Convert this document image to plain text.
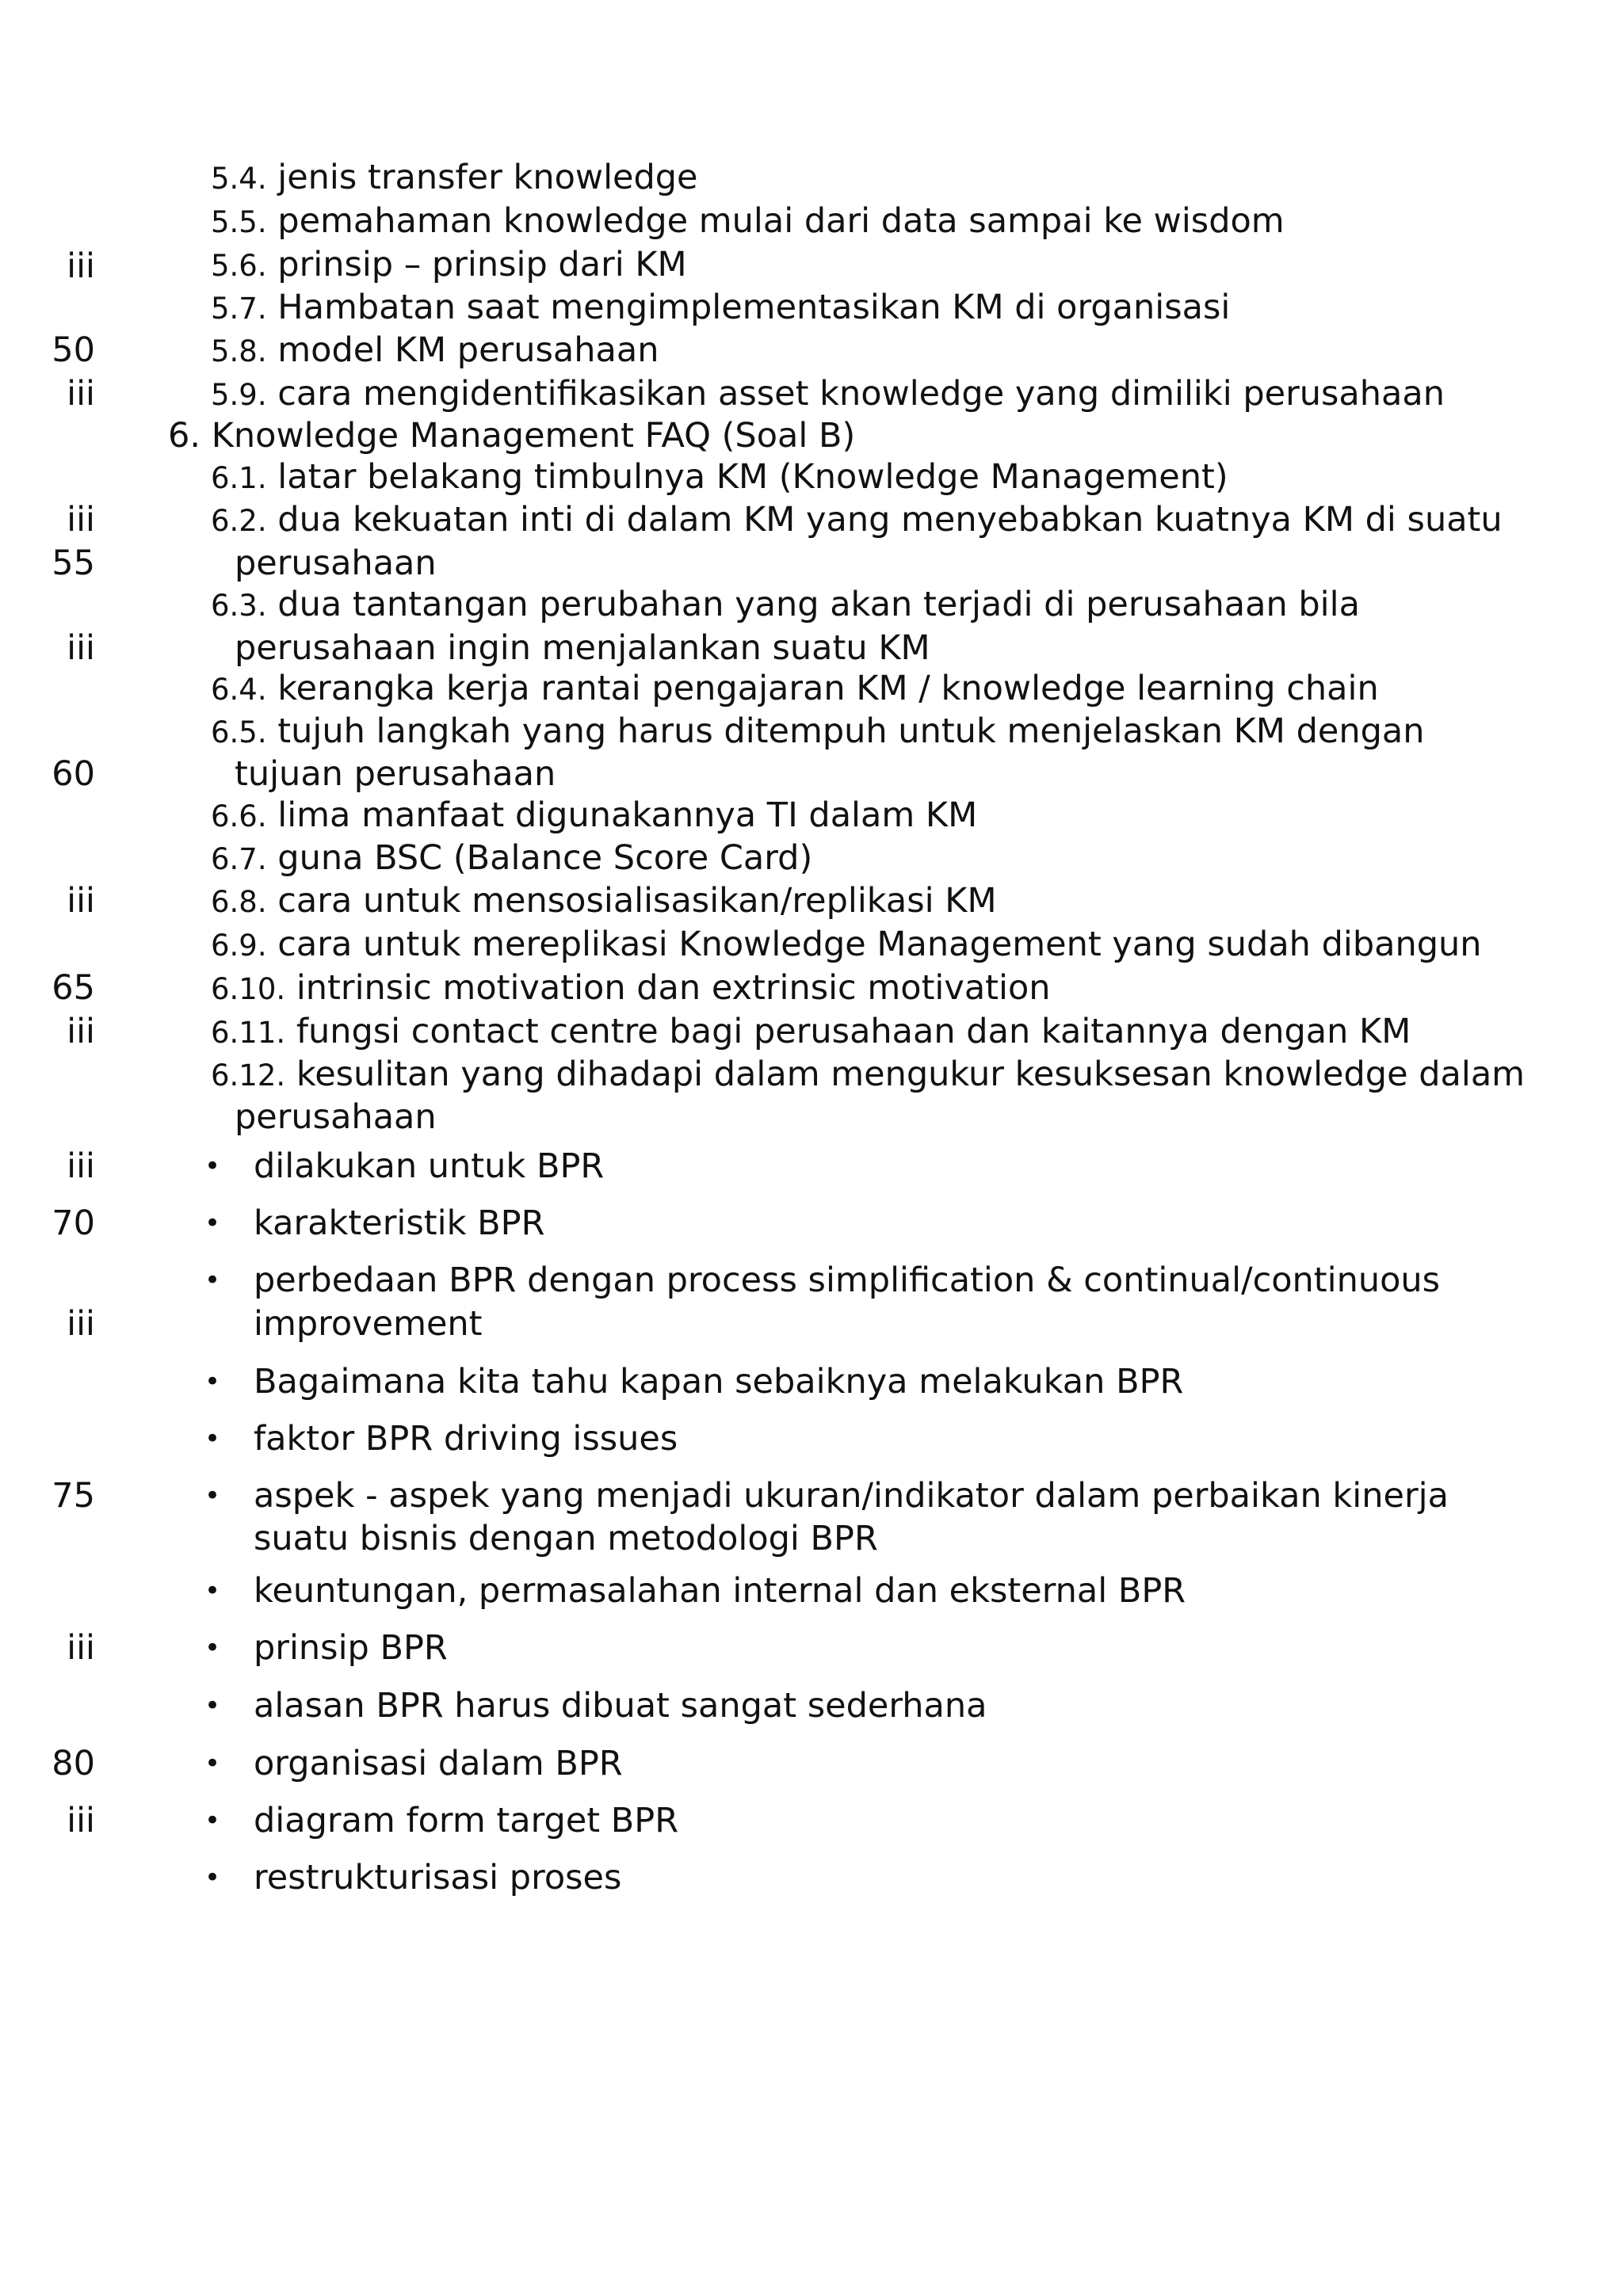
iii
50
iii
iii
55
iii
60
iii
65
iii
iii
70
iii
75
iii
80
iii
5.4. jenis transfer knowledge
5.5. pemahaman knowledge mulai dari data sampai ke wisdom
5.6. prinsip – prinsip dari KM
5.7. Hambatan saat mengimplementasikan KM di organisasi
5.8. model KM perusahaan
5.9. cara mengidentifikasikan asset knowledge yang dimiliki perusahaan
6. Knowledge Management FAQ (Soal B)
6.1. latar belakang timbulnya KM (Knowledge Management)
6.2. dua kekuatan inti di dalam KM yang menyebabkan kuatnya KM di suatu
perusahaan
6.3. dua tantangan perubahan yang akan terjadi di perusahaan bila
perusahaan ingin menjalankan suatu KM
6.4. kerangka kerja rantai pengajaran KM / knowledge learning chain
6.5. tujuh langkah yang harus ditempuh untuk menjelaskan KM dengan
tujuan perusahaan
6.6. lima manfaat digunakannya TI dalam KM
6.7. guna BSC (Balance Score Card)
6.8. cara untuk mensosialisasikan/replikasi KM
6.9. cara untuk mereplikasi Knowledge Management yang sudah dibangun
6.10. intrinsic motivation dan extrinsic motivation
6.11. fungsi contact centre bagi perusahaan dan kaitannya dengan KM
6.12. kesulitan yang dihadapi dalam mengukur kesuksesan knowledge dalam
perusahaan
• dilakukan untuk BPR
• karakteristik BPR
• perbedaan BPR dengan process simplification & continual/continuous
improvement
• Bagaimana kita tahu kapan sebaiknya melakukan BPR
• faktor BPR driving issues
• aspek - aspek yang menjadi ukuran/indikator dalam perbaikan kinerja
suatu bisnis dengan metodologi BPR
• keuntungan, permasalahan internal dan eksternal BPR
• prinsip BPR
• alasan BPR harus dibuat sangat sederhana
• organisasi dalam BPR
• diagram form target BPR
• restrukturisasi proses
